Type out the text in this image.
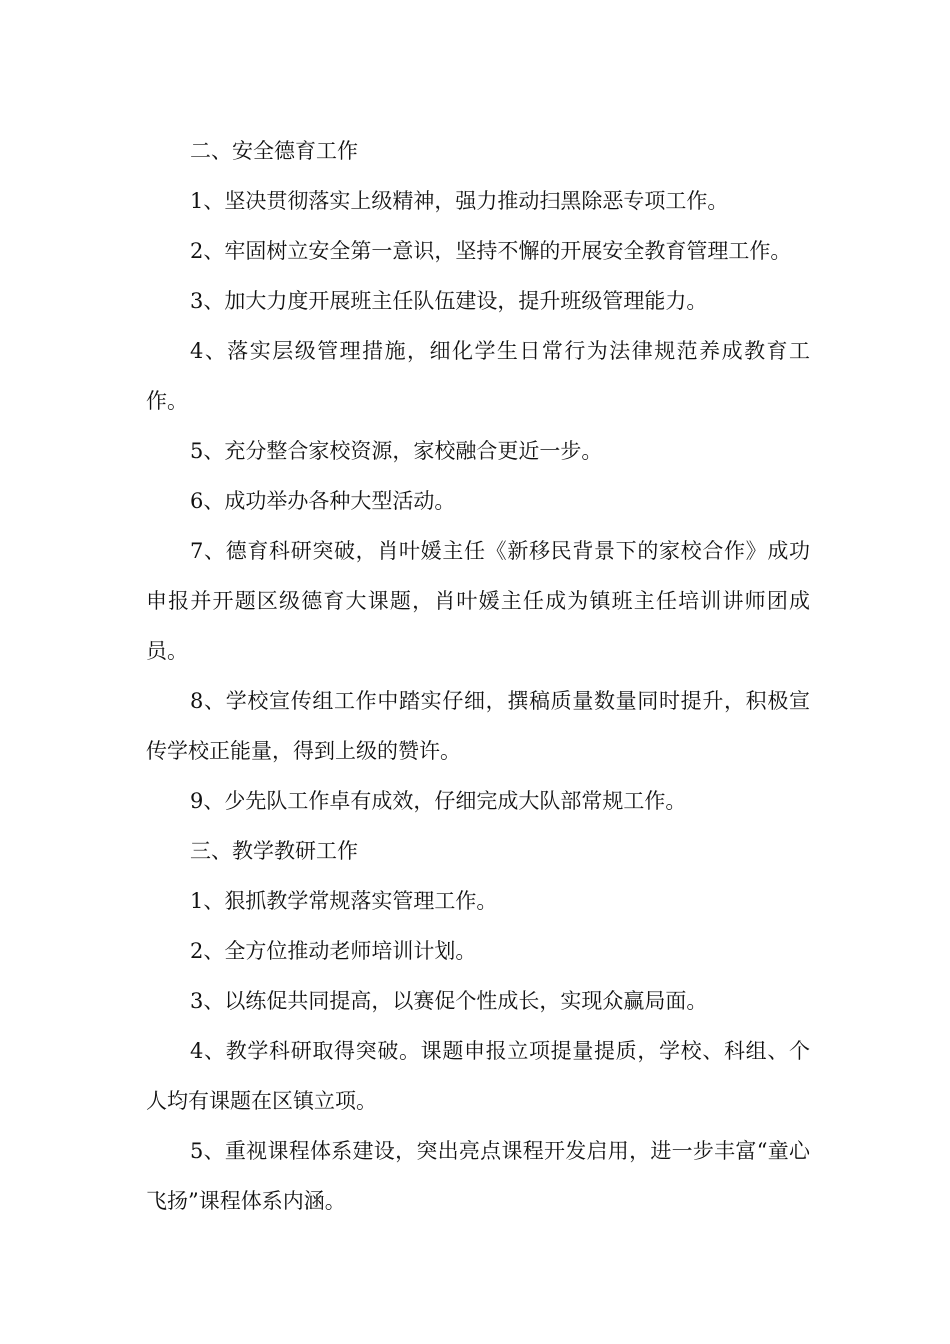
二、安全德育工作

1、坚决贯彻落实上级精神，强力推动扫黑除恶专项工作。

2、牢固树立安全第一意识，坚持不懈的开展安全教育管理工作。

3、加大力度开展班主任队伍建设，提升班级管理能力。

4、落实层级管理措施，细化学生日常行为法律规范养成教育工作。

5、充分整合家校资源，家校融合更近一步。

6、成功举办各种大型活动。

7、德育科研突破，肖叶媛主任《新移民背景下的家校合作》成功申报并开题区级德育大课题，肖叶媛主任成为镇班主任培训讲师团成员。

8、学校宣传组工作中踏实仔细，撰稿质量数量同时提升，积极宣传学校正能量，得到上级的赞许。

9、少先队工作卓有成效，仔细完成大队部常规工作。

三、教学教研工作

1、狠抓教学常规落实管理工作。

2、全方位推动老师培训计划。

3、以练促共同提高，以赛促个性成长，实现众赢局面。

4、教学科研取得突破。课题申报立项提量提质，学校、科组、个人均有课题在区镇立项。

5、重视课程体系建设，突出亮点课程开发启用，进一步丰富“童心飞扬”课程体系内涵。
